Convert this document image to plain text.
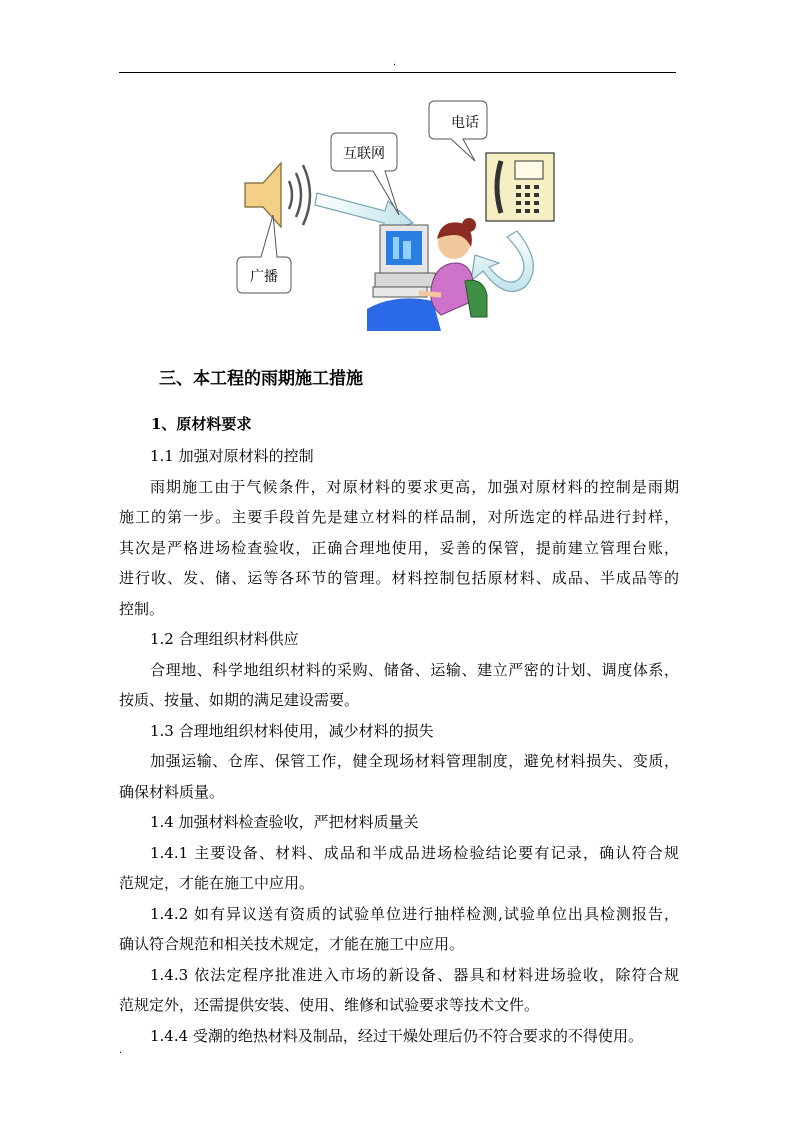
.
电话
互联网
广播
三、本工程的雨期施工措施
1、原材料要求
1.1 加强对原材料的控制
雨期施工由于气候条件，对原材料的要求更高，加强对原材料的控制是雨期
施工的第一步。主要手段首先是建立材料的样品制，对所选定的样品进行封样，
其次是严格进场检查验收，正确合理地使用，妥善的保管，提前建立管理台账，
进行收、发、储、运等各环节的管理。材料控制包括原材料、成品、半成品等的
控制。
1.2 合理组织材料供应
合理地、科学地组织材料的采购、储备、运输、建立严密的计划、调度体系，
按质、按量、如期的满足建设需要。
1.3 合理地组织材料使用，减少材料的损失
加强运输、仓库、保管工作，健全现场材料管理制度，避免材料损失、变质，
确保材料质量。
1.4 加强材料检查验收，严把材料质量关
1.4.1 主要设备、材料、成品和半成品进场检验结论要有记录，确认符合规
范规定，才能在施工中应用。
1.4.2 如有异议送有资质的试验单位进行抽样检测,试验单位出具检测报告，
确认符合规范和相关技术规定，才能在施工中应用。
1.4.3 依法定程序批准进入市场的新设备、器具和材料进场验收，除符合规
范规定外，还需提供安装、使用、维修和试验要求等技术文件。
1.4.4 受潮的绝热材料及制品，经过干燥处理后仍不符合要求的不得使用。
.
